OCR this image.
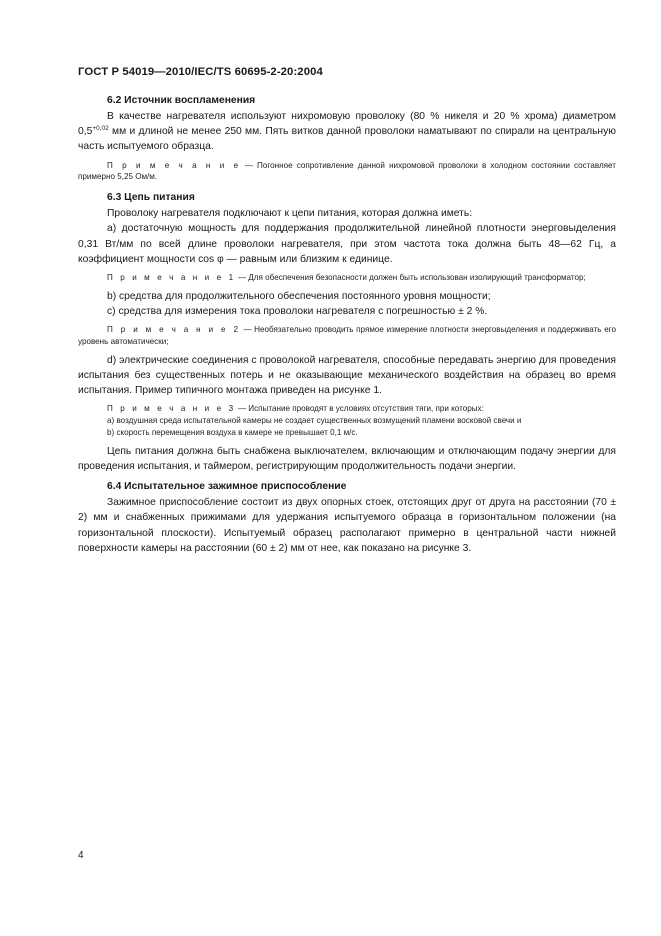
ГОСТ Р 54019—2010/IEC/TS 60695-2-20:2004
6.2 Источник воспламенения

В качестве нагревателя используют нихромовую проволоку (80 % никеля и 20 % хрома) диаметром $0,5^{+0,02}$ мм и длиной не менее 250 мм. Пять витков данной проволоки наматывают по спирали на центральную часть испытуемого образца.

П р и м е ч а н и е — Погонное сопротивление данной нихромовой проволоки в холодном состоянии составляет примерно 5,25 Ом/м.

6.3 Цепь питания

Проволоку нагревателя подключают к цепи питания, которая должна иметь:

а) достаточную мощность для поддержания продолжительной линейной плотности энерговыделения 0,31 Вт/мм по всей длине проволоки нагревателя, при этом частота тока должна быть 48—62 Гц, а коэффициент мощности cos φ — равным или близким к единице.

П р и м е ч а н и е 1 — Для обеспечения безопасности должен быть использован изолирующий трансформатор;

b) средства для продолжительного обеспечения постоянного уровня мощности;

с) средства для измерения тока проволоки нагревателя с погрешностью ± 2 %.

П р и м е ч а н и е 2 — Необязательно проводить прямое измерение плотности энерговыделения и поддерживать его уровень автоматически;

d) электрические соединения с проволокой нагревателя, способные передавать энергию для проведения испытания без существенных потерь и не оказывающие механического воздействия на образец во время испытания. Пример типичного монтажа приведен на рисунке 1.

П р и м е ч а н и е 3 — Испытание проводят в условиях отсутствия тяги, при которых:

а) воздушная среда испытательной камеры не создает существенных возмущений пламени восковой свечи и

b) скорость перемещения воздуха в камере не превышает 0,1 м/с.

Цепь питания должна быть снабжена выключателем, включающим и отключающим подачу энергии для проведения испытания, и таймером, регистрирующим продолжительность подачи энергии.

6.4 Испытательное зажимное приспособление

Зажимное приспособление состоит из двух опорных стоек, отстоящих друг от друга на расстоянии (70 ± 2) мм и снабженных прижимами для удержания испытуемого образца в горизонтальном положении (на горизонтальной плоскости). Испытуемый образец располагают примерно в центральной части нижней поверхности камеры на расстоянии (60 ± 2) мм от нее, как показано на рисунке 3.

4
